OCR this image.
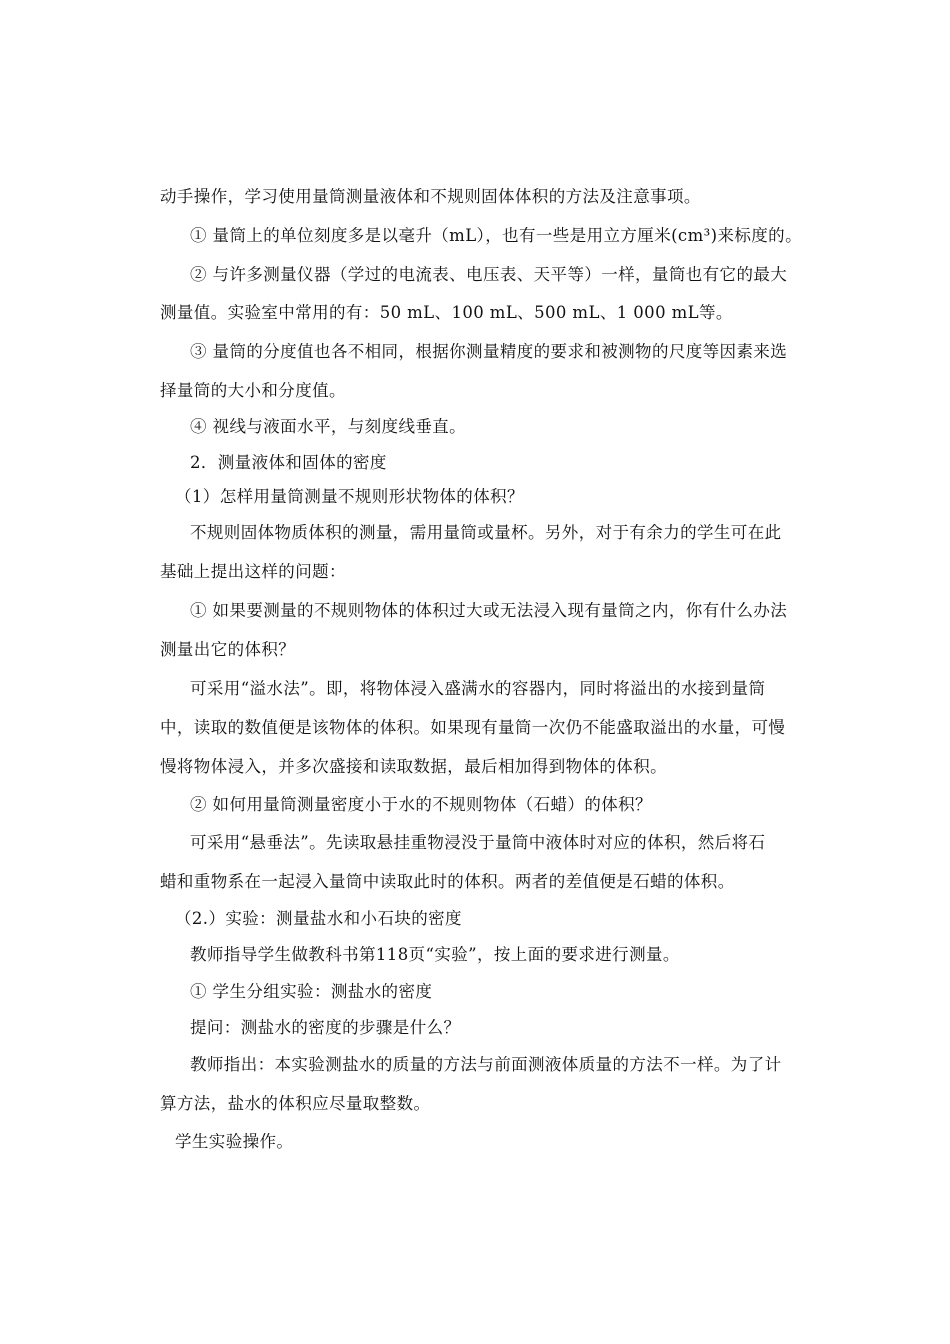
动手操作，学习使用量筒测量液体和不规则固体体积的方法及注意事项。
① 量筒上的单位刻度多是以毫升（mL），也有一些是用立方厘米(cm³)来标度的。
② 与许多测量仪器（学过的电流表、电压表、天平等）一样，量筒也有它的最大
测量值。实验室中常用的有：50 mL、100 mL、500 mL、1 000 mL等。
③ 量筒的分度值也各不相同，根据你测量精度的要求和被测物的尺度等因素来选
择量筒的大小和分度值。
④ 视线与液面水平，与刻度线垂直。
2．测量液体和固体的密度
（1）怎样用量筒测量不规则形状物体的体积？
不规则固体物质体积的测量，需用量筒或量杯。另外，对于有余力的学生可在此
基础上提出这样的问题：
① 如果要测量的不规则物体的体积过大或无法浸入现有量筒之内，你有什么办法
测量出它的体积？
可采用“溢水法”。即，将物体浸入盛满水的容器内，同时将溢出的水接到量筒
中，读取的数值便是该物体的体积。如果现有量筒一次仍不能盛取溢出的水量，可慢
慢将物体浸入，并多次盛接和读取数据，最后相加得到物体的体积。
② 如何用量筒测量密度小于水的不规则物体（石蜡）的体积？
可采用“悬垂法”。先读取悬挂重物浸没于量筒中液体时对应的体积，然后将石
蜡和重物系在一起浸入量筒中读取此时的体积。两者的差值便是石蜡的体积。
（2.）实验：测量盐水和小石块的密度
教师指导学生做教科书第118页“实验”，按上面的要求进行测量。
① 学生分组实验：测盐水的密度
提问：测盐水的密度的步骤是什么？
教师指出：本实验测盐水的质量的方法与前面测液体质量的方法不一样。为了计
算方法，盐水的体积应尽量取整数。
学生实验操作。
